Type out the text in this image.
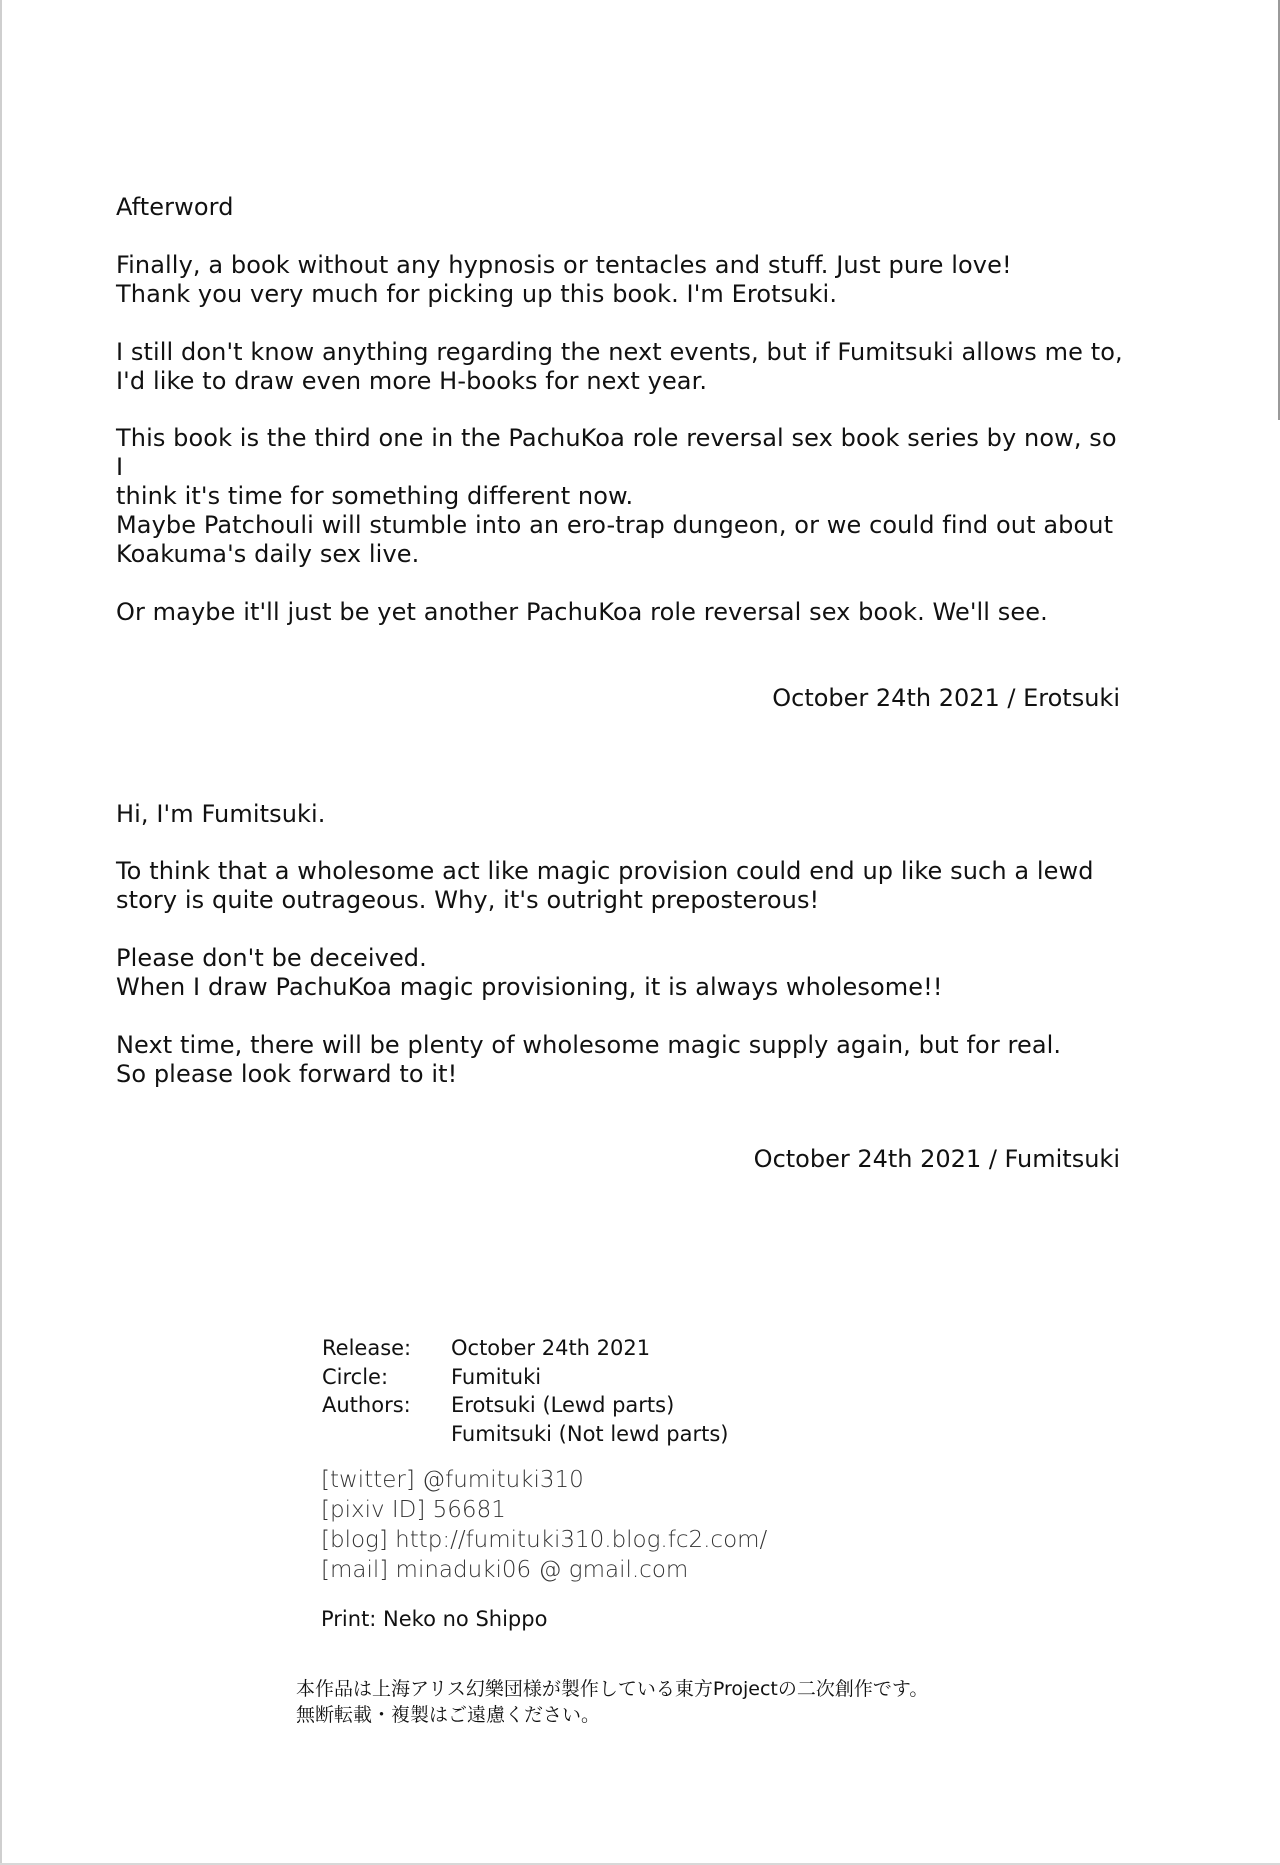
Afterword
Finally, a book without any hypnosis or tentacles and stuff. Just pure love!
Thank you very much for picking up this book. I'm Erotsuki.
I still don't know anything regarding the next events, but if Fumitsuki allows me to,
I'd like to draw even more H-books for next year.
This book is the third one in the PachuKoa role reversal sex book series by now, so I
think it's time for something different now.
Maybe Patchouli will stumble into an ero-trap dungeon, or we could find out about
Koakuma's daily sex live.
Or maybe it'll just be yet another PachuKoa role reversal sex book. We'll see.
October 24th 2021 / Erotsuki
Hi, I'm Fumitsuki.
To think that a wholesome act like magic provision could end up like such a lewd
story is quite outrageous. Why, it's outright preposterous!
Please don't be deceived.
When I draw PachuKoa magic provisioning, it is always wholesome!!
Next time, there will be plenty of wholesome magic supply again, but for real.
So please look forward to it!
October 24th 2021 / Fumitsuki
Release:	October 24th 2021
Circle:	Fumituki
Authors:	Erotsuki (Lewd parts)
Fumitsuki (Not lewd parts)
[twitter] @fumituki310
[pixiv ID] 56681
[blog] http://fumituki310.blog.fc2.com/
[mail] minaduki06 @ gmail.com
Print: Neko no Shippo
本作品は上海アリス幻樂団様が製作している東方Projectの二次創作です。
無断転載・複製はご遠慮ください。
